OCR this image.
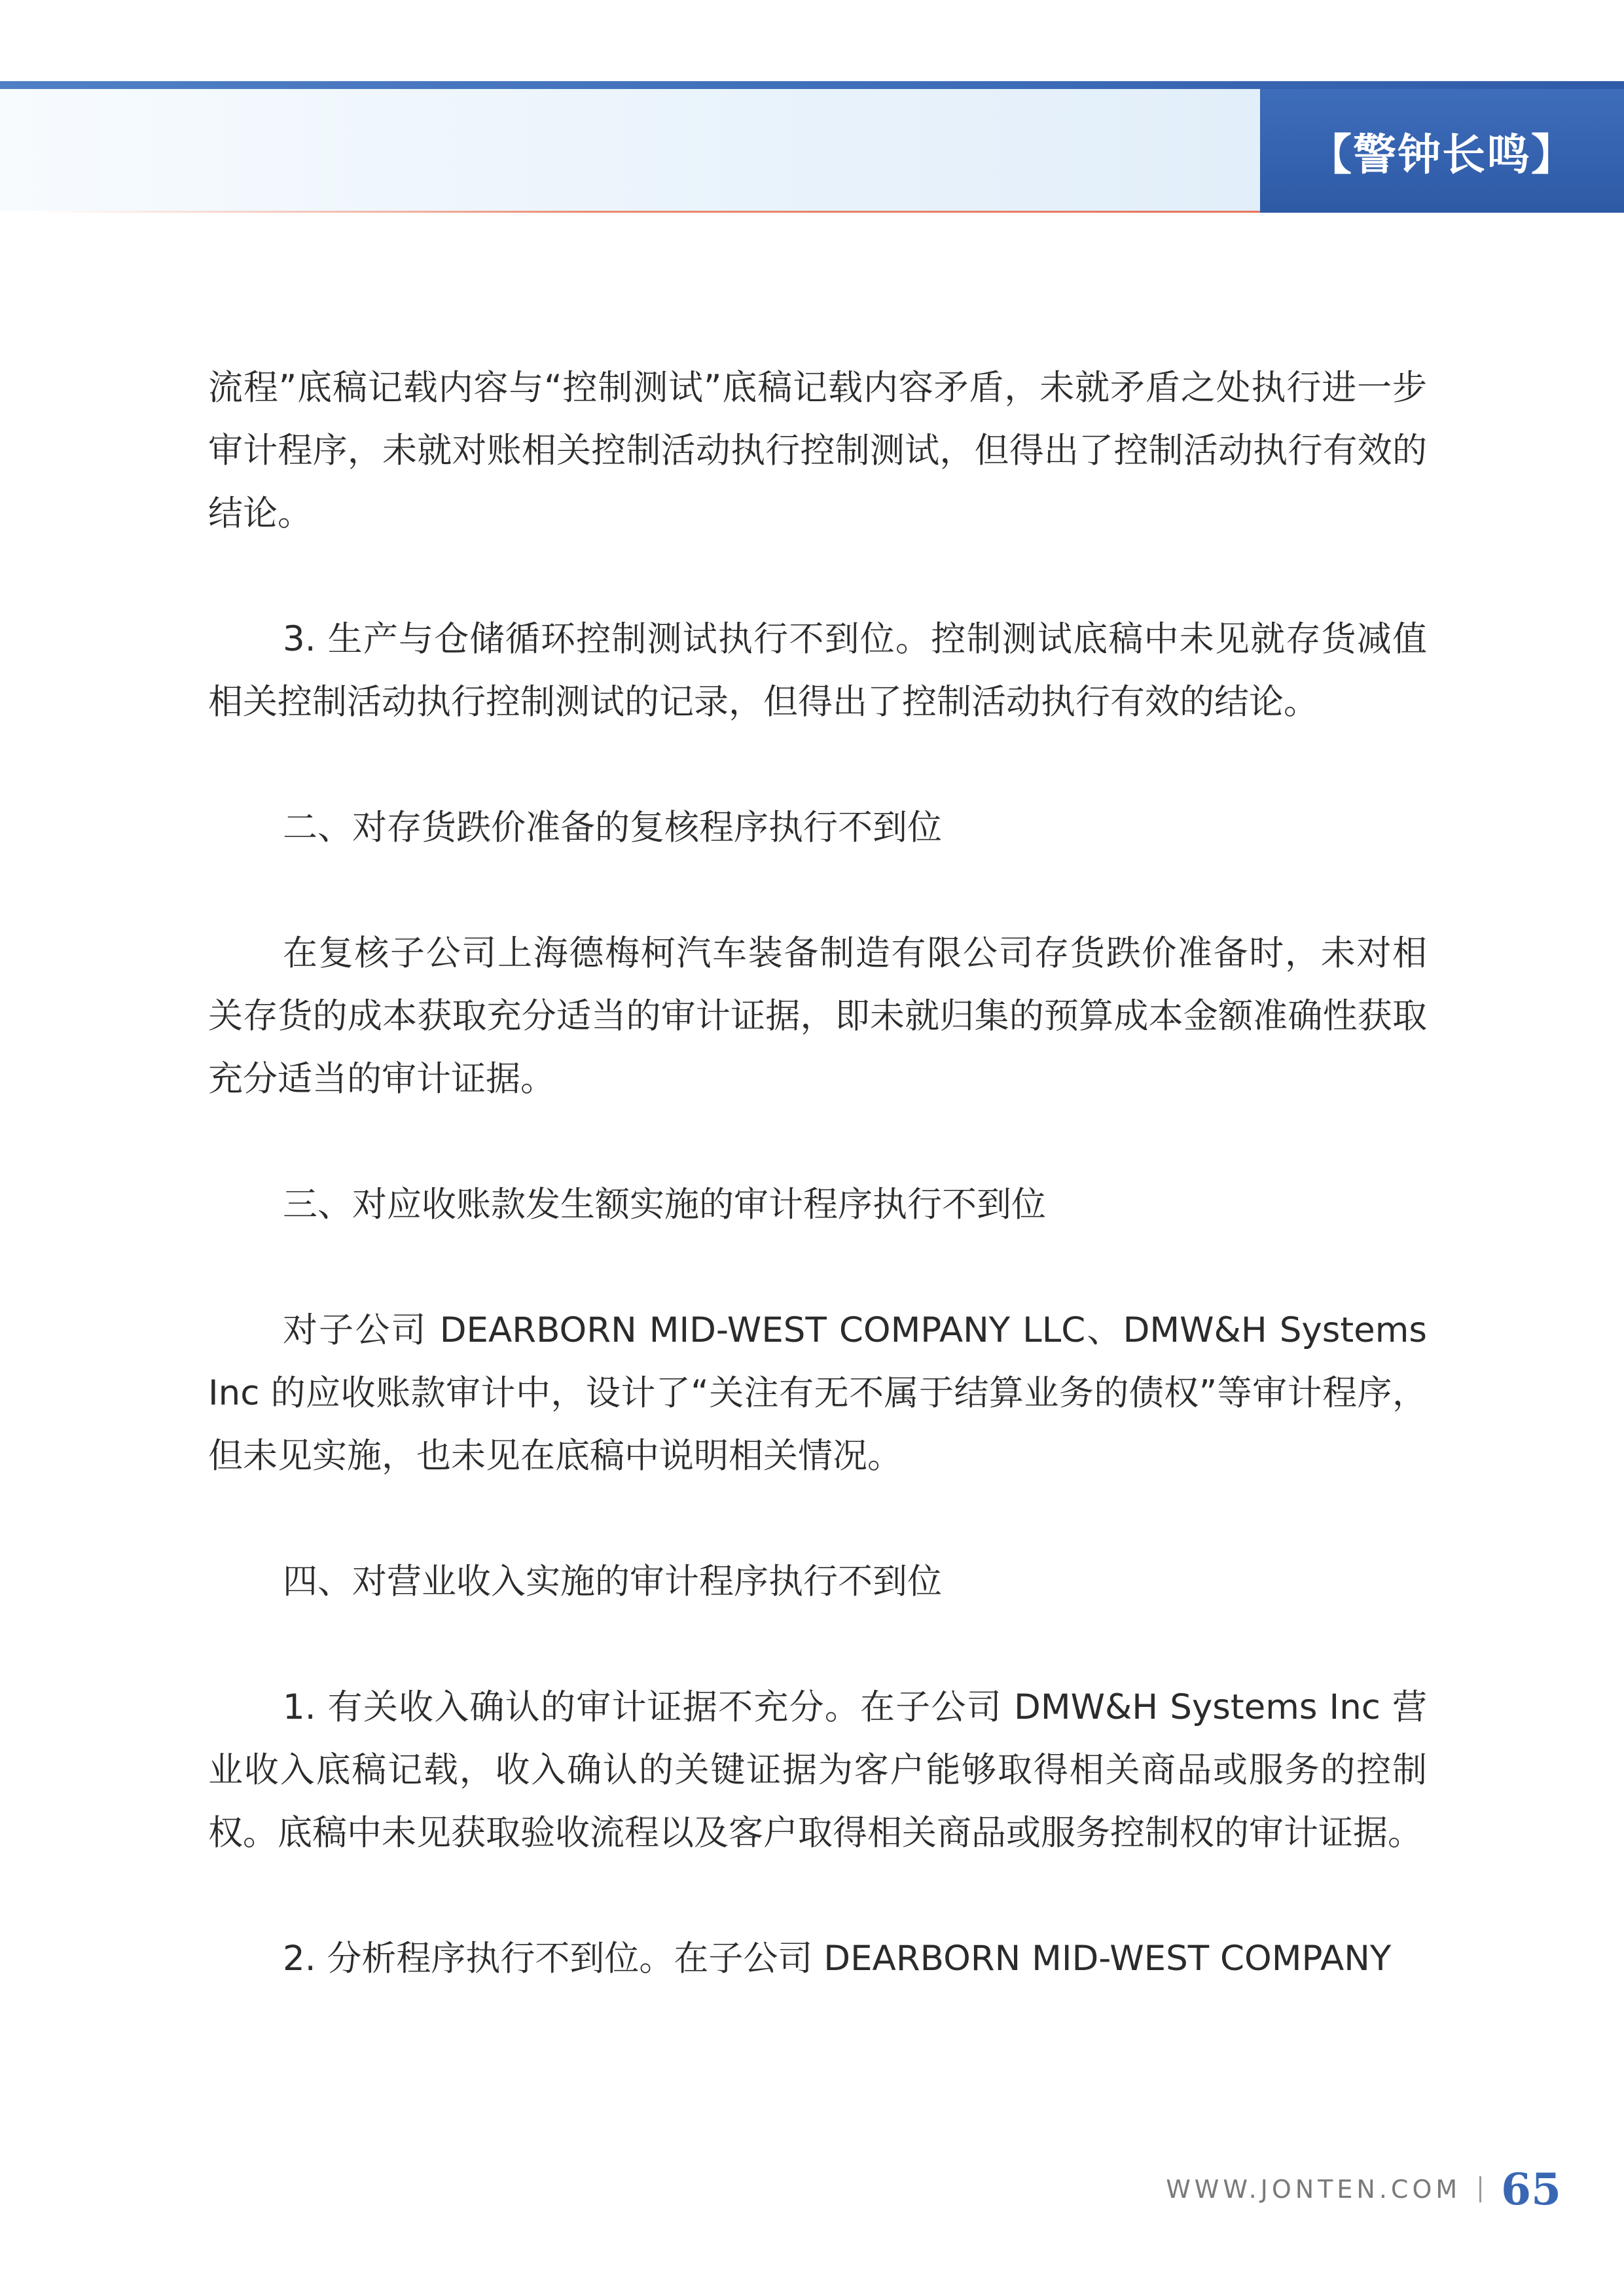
【警钟长鸣】

流程”底稿记载内容与“控制测试”底稿记载内容矛盾，未就矛盾之处执行进一步审计程序，未就对账相关控制活动执行控制测试，但得出了控制活动执行有效的结论。

3. 生产与仓储循环控制测试执行不到位。控制测试底稿中未见就存货减值相关控制活动执行控制测试的记录，但得出了控制活动执行有效的结论。

二、对存货跌价准备的复核程序执行不到位

在复核子公司上海德梅柯汽车装备制造有限公司存货跌价准备时，未对相关存货的成本获取充分适当的审计证据，即未就归集的预算成本金额准确性获取充分适当的审计证据。

三、对应收账款发生额实施的审计程序执行不到位

对子公司 DEARBORN MID-WEST COMPANY LLC、DMW&H Systems Inc 的应收账款审计中，设计了“关注有无不属于结算业务的债权”等审计程序，但未见实施，也未见在底稿中说明相关情况。

四、对营业收入实施的审计程序执行不到位

1. 有关收入确认的审计证据不充分。在子公司 DMW&H Systems Inc 营业收入底稿记载，收入确认的关键证据为客户能够取得相关商品或服务的控制权。底稿中未见获取验收流程以及客户取得相关商品或服务控制权的审计证据。

2. 分析程序执行不到位。在子公司 DEARBORN MID-WEST COMPANY

WWW.JONTEN.COM 65
